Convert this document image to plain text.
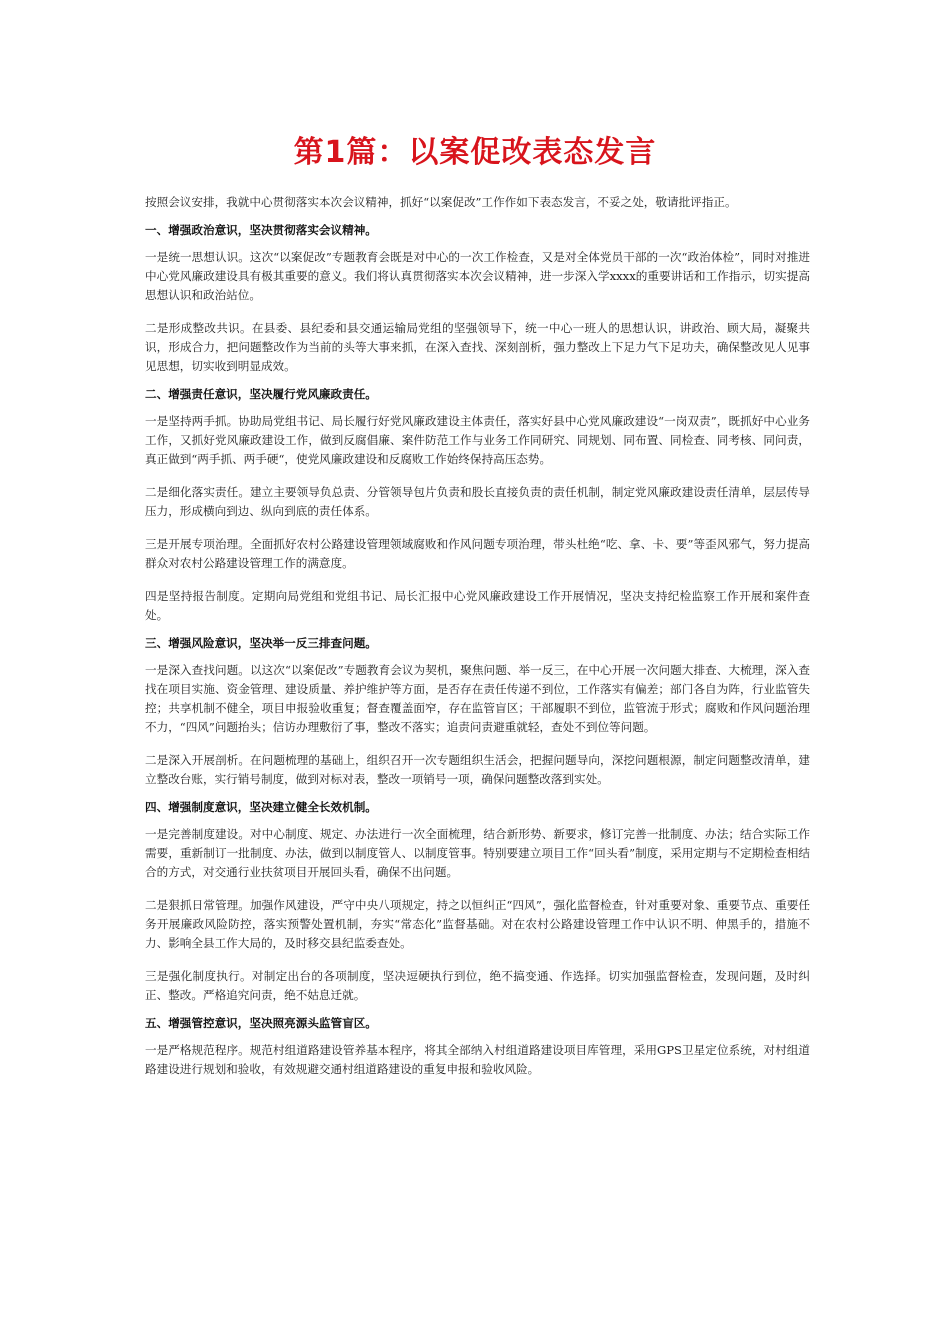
第1篇：以案促改表态发言

按照会议安排，我就中心贯彻落实本次会议精神，抓好“以案促改”工作作如下表态发言，不妥之处，敬请批评指正。

一、增强政治意识，坚决贯彻落实会议精神。

一是统一思想认识。这次“以案促改”专题教育会既是对中心的一次工作检查，又是对全体党员干部的一次“政治体检”，同时对推进中心党风廉政建设具有极其重要的意义。我们将认真贯彻落实本次会议精神，进一步深入学xxxx的重要讲话和工作指示，切实提高思想认识和政治站位。

二是形成整改共识。在县委、县纪委和县交通运输局党组的坚强领导下，统一中心一班人的思想认识，讲政治、顾大局，凝聚共识，形成合力，把问题整改作为当前的头等大事来抓，在深入查找、深刻剖析，强力整改上下足力气下足功夫，确保整改见人见事见思想，切实收到明显成效。

二、增强责任意识，坚决履行党风廉政责任。

一是坚持两手抓。协助局党组书记、局长履行好党风廉政建设主体责任，落实好县中心党风廉政建设“一岗双责”，既抓好中心业务工作，又抓好党风廉政建设工作，做到反腐倡廉、案件防范工作与业务工作同研究、同规划、同布置、同检查、同考核、同问责，真正做到“两手抓、两手硬“，使党风廉政建设和反腐败工作始终保持高压态势。

二是细化落实责任。建立主要领导负总责、分管领导包片负责和股长直接负责的责任机制，制定党风廉政建设责任清单，层层传导压力，形成横向到边、纵向到底的责任体系。

三是开展专项治理。全面抓好农村公路建设管理领域腐败和作风问题专项治理，带头杜绝“吃、拿、卡、要”等歪风邪气，努力提高群众对农村公路建设管理工作的满意度。

四是坚持报告制度。定期向局党组和党组书记、局长汇报中心党风廉政建设工作开展情况，坚决支持纪检监察工作开展和案件查处。

三、增强风险意识，坚决举一反三排查问题。

一是深入查找问题。以这次“以案促改”专题教育会议为契机，聚焦问题、举一反三，在中心开展一次问题大排查、大梳理，深入查找在项目实施、资金管理、建设质量、养护维护等方面，是否存在责任传递不到位，工作落实有偏差；部门各自为阵，行业监管失控；共享机制不健全，项目申报验收重复；督查覆盖面窄，存在监管盲区；干部履职不到位，监管流于形式；腐败和作风问题治理不力，“四风”问题抬头；信访办理敷衍了事，整改不落实；追责问责避重就轻，查处不到位等问题。

二是深入开展剖析。在问题梳理的基础上，组织召开一次专题组织生活会，把握问题导向，深挖问题根源，制定问题整改清单，建立整改台账，实行销号制度，做到对标对表，整改一项销号一项，确保问题整改落到实处。

四、增强制度意识，坚决建立健全长效机制。

一是完善制度建设。对中心制度、规定、办法进行一次全面梳理，结合新形势、新要求，修订完善一批制度、办法；结合实际工作需要，重新制订一批制度、办法，做到以制度管人、以制度管事。特别要建立项目工作“回头看”制度，采用定期与不定期检查相结合的方式，对交通行业扶贫项目开展回头看，确保不出问题。

二是狠抓日常管理。加强作风建设，严守中央八项规定，持之以恒纠正“四风”，强化监督检查，针对重要对象、重要节点、重要任务开展廉政风险防控，落实预警处置机制，夯实“常态化”监督基础。对在农村公路建设管理工作中认识不明、伸黑手的，措施不力、影响全县工作大局的，及时移交县纪监委查处。

三是强化制度执行。对制定出台的各项制度，坚决逗硬执行到位，绝不搞变通、作选择。切实加强监督检查，发现问题，及时纠正、整改。严格追究问责，绝不姑息迁就。

五、增强管控意识，坚决照亮源头监管盲区。

一是严格规范程序。规范村组道路建设管养基本程序，将其全部纳入村组道路建设项目库管理，采用GPS卫星定位系统，对村组道路建设进行规划和验收，有效规避交通村组道路建设的重复申报和验收风险。
